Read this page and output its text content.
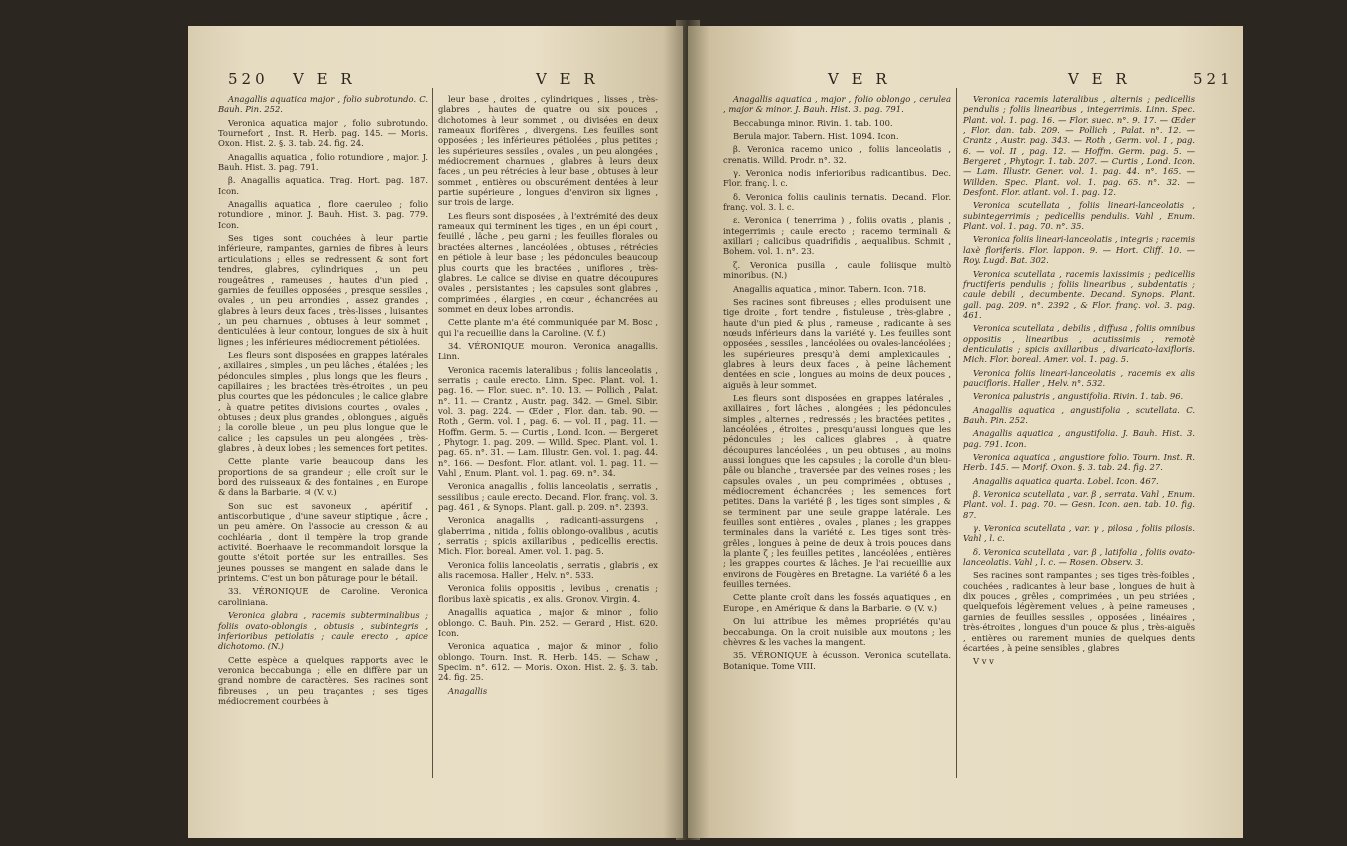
520 V E R	V E R

Anagallis aquatica major , folio subrotundo. C. Bauh. Pin. 252.

Veronica aquatica major , folio subrotundo. Tournefort , Inst. R. Herb. pag. 145. — Moris. Oxon. Hist. 2. §. 3. tab. 24. fig. 24.

Anagallis aquatica , folio rotundiore , major. J. Bauh. Hist. 3. pag. 791.

β. Anagallis aquatica. Trag. Hort. pag. 187. Icon.

Anagallis aquatica , flore caeruleo ; folio rotundiore , minor. J. Bauh. Hist. 3. pag. 779. Icon.

Ses tiges sont couchées à leur partie inférieure, rampantes, garnies de fibres à leurs articulations ; elles se redressent & sont fort tendres, glabres, cylindriques , un peu rougeâtres , rameuses , hautes d'un pied , garnies de feuilles opposées , presque sessiles , ovales , un peu arrondies , assez grandes , glabres à leurs deux faces , très-lisses , luisantes , un peu charnues , obtuses à leur sommet , denticulées à leur contour, longues de six à huit lignes ; les inférieures médiocrement pétiolées.

Les fleurs sont disposées en grappes latérales , axillaires , simples , un peu lâches , étalées ; les pédoncules simples , plus longs que les fleurs , capillaires ; les bractées très-étroites , un peu plus courtes que les pédoncules ; le calice glabre , à quatre petites divisions courtes , ovales , obtuses ; deux plus grandes , oblongues , aiguës ; la corolle bleue , un peu plus longue que le calice ; les capsules un peu alongées , très-glabres , à deux lobes ; les semences fort petites.

Cette plante varie beaucoup dans les proportions de sa grandeur ; elle croît sur le bord des ruisseaux & des fontaines , en Europe & dans la Barbarie. ♃ (V. v.)

Son suc est savoneux , apéritif , antiscorbutique , d'une saveur stiptique , âcre , un peu amère. On l'associe au cresson & au cochléaria , dont il tempère la trop grande activité. Boerhaave le recommandoit lorsque la goutte s'étoit portée sur les entrailles. Ses jeunes pousses se mangent en salade dans le printems. C'est un bon pâturage pour le bétail.

33. VÉRONIQUE de Caroline. Veronica caroliniana.

Veronica glabra , racemis subterminalibus ; foliis ovato-oblongis , obtusis , subintegris , inferioribus petiolatis ; caule erecto , apice dichotomo. (N.)

Cette espèce a quelques rapports avec le veronica beccabunga ; elle en diffère par un grand nombre de caractères. Ses racines sont fibreuses , un peu traçantes ; ses tiges médiocrement courbées à

leur base , droites , cylindriques , lisses , très-glabres , hautes de quatre ou six pouces , dichotomes à leur sommet , ou divisées en deux rameaux florifères , divergens. Les feuilles sont opposées ; les inférieures pétiolées , plus petites ; les supérieures sessiles , ovales , un peu alongées , médiocrement charnues , glabres à leurs deux faces , un peu rétrécies à leur base , obtuses à leur sommet , entières ou obscurément dentées à leur partie supérieure , longues d'environ six lignes , sur trois de large.

Les fleurs sont disposées , à l'extrémité des deux rameaux qui terminent les tiges , en un épi court , feuillé , lâche , peu garni ; les feuilles florales ou bractées alternes , lancéolées , obtuses , rétrécies en pétiole à leur base ; les pédoncules beaucoup plus courts que les bractées , uniflores , très-glabres. Le calice se divise en quatre découpures ovales , persistantes ; les capsules sont glabres , comprimées , élargies , en cœur , échancrées au sommet en deux lobes arrondis.

Cette plante m'a été communiquée par M. Bosc , qui l'a recueillie dans la Caroline. (V. f.)

34. VÉRONIQUE mouron. Veronica anagallis. Linn.

Veronica racemis lateralibus ; foliis lanceolatis , serratis ; caule erecto. Linn. Spec. Plant. vol. 1. pag. 16. — Flor. suec. n°. 10. 13. — Pollich , Palat. n°. 11. — Crantz , Austr. pag. 342. — Gmel. Sibir. vol. 3. pag. 224. — Œder , Flor. dan. tab. 90. — Roth , Germ. vol. I , pag. 6. — vol. II , pag. 11. — Hoffm. Germ. 5. — Curtis , Lond. Icon. — Bergeret , Phytogr. 1. pag. 209. — Willd. Spec. Plant. vol. 1. pag. 65. n°. 31. — Lam. Illustr. Gen. vol. 1. pag. 44. n°. 166. — Desfont. Flor. atlant. vol. 1. pag. 11. — Vahl , Enum. Plant. vol. 1. pag. 69. n°. 34.

Veronica anagallis , foliis lanceolatis , serratis , sessilibus ; caule erecto. Decand. Flor. franç. vol. 3. pag. 461 , & Synops. Plant. gall. p. 209. n°. 2393.

Veronica anagallis , radicanti-assurgens , glaberrima , nitida , foliis oblongo-ovalibus , acutis , serratis ; spicis axillaribus , pedicellis erectis. Mich. Flor. boreal. Amer. vol. 1. pag. 5.

Veronica foliis lanceolatis , serratis , glabris , ex alis racemosa. Haller , Helv. n°. 533.

Veronica foliis oppositis , levibus , crenatis ; floribus laxè spicatis , ex alis. Gronov. Virgin. 4.

Anagallis aquatica , major & minor , folio oblongo. C. Bauh. Pin. 252. — Gerard , Hist. 620. Icon.

Veronica aquatica , major & minor , folio oblongo. Tourn. Inst. R. Herb. 145. — Schaw , Specim. n°. 612. — Moris. Oxon. Hist. 2. §. 3. tab. 24. fig. 25.

Anagallis

V E R	V E R	521

Anagallis aquatica , major , folio oblongo , cerulea , major & minor. J. Bauh. Hist. 3. pag. 791.

Beccabunga minor. Rivin. 1. tab. 100.

Berula major. Tabern. Hist. 1094. Icon.

β. Veronica racemo unico , foliis lanceolatis , crenatis. Willd. Prodr. n°. 32.

γ. Veronica nodis inferioribus radicantibus. Dec. Flor. franç. l. c.

δ. Veronica foliis caulinis ternatis. Decand. Flor. franç. vol. 3. l. c.

ε. Veronica ( tenerrima ) , foliis ovatis , planis , integerrimis ; caule erecto ; racemo terminali & axillari ; calicibus quadrifidis , aequalibus. Schmit , Bohem. vol. 1. n°. 23.

ζ. Veronica pusilla , caule foliisque multò minoribus. (N.)

Anagallis aquatica , minor. Tabern. Icon. 718.

Ses racines sont fibreuses ; elles produisent une tige droite , fort tendre , fistuleuse , très-glabre , haute d'un pied & plus , rameuse , radicante à ses nœuds inférieurs dans la variété γ. Les feuilles sont opposées , sessiles , lancéolées ou ovales-lancéolées ; les supérieures presqu'à demi amplexicaules , glabres à leurs deux faces , à peine lâchement dentées en scie , longues au moins de deux pouces , aiguës à leur sommet.

Les fleurs sont disposées en grappes latérales , axillaires , fort lâches , alongées ; les pédoncules simples , alternes , redressés ; les bractées petites , lancéolées , étroites , presqu'aussi longues que les pédoncules ; les calices glabres , à quatre découpures lancéolées , un peu obtuses , au moins aussi longues que les capsules ; la corolle d'un bleu-pâle ou blanche , traversée par des veines roses ; les capsules ovales , un peu comprimées , obtuses , médiocrement échancrées ; les semences fort petites. Dans la variété β , les tiges sont simples , & se terminent par une seule grappe latérale. Les feuilles sont entières , ovales , planes ; les grappes terminales dans la variété ε. Les tiges sont très-grêles , longues à peine de deux à trois pouces dans la plante ζ ; les feuilles petites , lancéolées , entières ; les grappes courtes & lâches. Je l'ai recueillie aux environs de Fougères en Bretagne. La variété δ a les feuilles ternées.

Cette plante croît dans les fossés aquatiques , en Europe , en Amérique & dans la Barbarie. ⊙ (V. v.)

On lui attribue les mêmes propriétés qu'au beccabunga. On la croit nuisible aux moutons ; les chèvres & les vaches la mangent.

35. VÉRONIQUE à écusson. Veronica scutellata. Botanique. Tome VIII.

Veronica racemis lateralibus , alternis ; pedicellis pendulis ; foliis linearibus , integerrimis. Linn. Spec. Plant. vol. 1. pag. 16. — Flor. suec. n°. 9. 17. — Œder , Flor. dan. tab. 209. — Pollich , Palat. n°. 12. — Crantz , Austr. pag. 343. — Roth , Germ. vol. I , pag. 6. — vol. II , pag. 12. — Hoffm. Germ. pag. 5. — Bergeret , Phytogr. 1. tab. 207. — Curtis , Lond. Icon. — Lam. Illustr. Gener. vol. 1. pag. 44. n°. 165. — Willden. Spec. Plant. vol. 1. pag. 65. n°. 32. — Desfont. Flor. atlant. vol. 1. pag. 12.

Veronica scutellata , foliis lineari-lanceolatis , subintegerrimis ; pedicellis pendulis. Vahl , Enum. Plant. vol. 1. pag. 70. n°. 35.

Veronica foliis lineari-lanceolatis , integris ; racemis laxè floriferis. Flor. lappon. 9. — Hort. Cliff. 10. — Roy. Lugd. Bat. 302.

Veronica scutellata , racemis laxissimis ; pedicellis fructiferis pendulis ; foliis linearibus , subdentatis ; caule debili , decumbente. Decand. Synops. Plant. gall. pag. 209. n°. 2392 , & Flor. franç. vol. 3. pag. 461.

Veronica scutellata , debilis , diffusa , foliis omnibus oppositis , linearibus , acutissimis , remotè denticulatis ; spicis axillaribus , divaricato-laxifloris. Mich. Flor. boreal. Amer. vol. 1. pag. 5.

Veronica foliis lineari-lanceolatis , racemis ex alis paucifloris. Haller , Helv. n°. 532.

Veronica palustris , angustifolia. Rivin. 1. tab. 96.

Anagallis aquatica , angustifolia , scutellata. C. Bauh. Pin. 252.

Anagallis aquatica , angustifolia. J. Bauh. Hist. 3. pag. 791. Icon.

Veronica aquatica , angustiore folio. Tourn. Inst. R. Herb. 145. — Morif. Oxon. §. 3. tab. 24. fig. 27.

Anagallis aquatica quarta. Lobel. Icon. 467.

β. Veronica scutellata , var. β , serrata. Vahl , Enum. Plant. vol. 1. pag. 70. — Gesn. Icon. aen. tab. 10. fig. 87.

γ. Veronica scutellata , var. γ , pilosa , foliis pilosis. Vahl , l. c.

δ. Veronica scutellata , var. β , latifolia , foliis ovato-lanceolatis. Vahl , l. c. — Rosen. Observ. 3.

Ses racines sont rampantes ; ses tiges très-foibles , couchées , radicantes à leur base , longues de huit à dix pouces , grêles , comprimées , un peu striées , quelquefois légèrement velues , à peine rameuses , garnies de feuilles sessiles , opposées , linéaires , très-étroites , longues d'un pouce & plus , très-aiguës , entières ou rarement munies de quelques dents écartées , à peine sensibles , glabres

V v v
